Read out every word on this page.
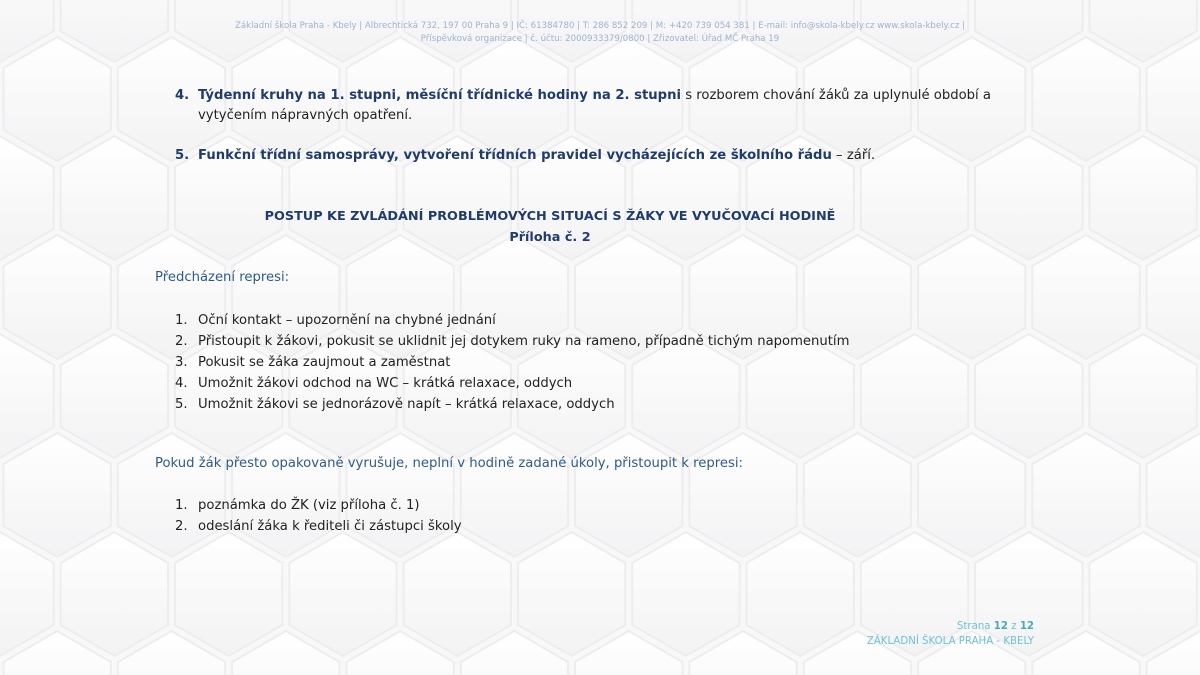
Základní škola Praha - Kbely | Albrechtická 732, 197 00 Praha 9 | IČ: 61384780 | T: 286 852 209 | M: +420 739 054 381 | E-mail: info@skola-kbely.cz www.skola-kbely.cz |
Příspěvková organizace | č. účtu: 2000933379/0800 | Zřizovatel: Úřad MČ Praha 19
4. Týdenní kruhy na 1. stupni, měsíční třídnické hodiny na 2. stupni s rozborem chování žáků za uplynulé období a vytyčením nápravných opatření.
5. Funkční třídní samosprávy, vytvoření třídních pravidel vycházejících ze školního řádu – září.
POSTUP KE ZVLÁDÁNÍ PROBLÉMOVÝCH SITUACÍ S ŽÁKY VE VYUČOVACÍ HODINĚ
Příloha č. 2
Předcházení represi:
1. Oční kontakt – upozornění na chybné jednání
2. Přistoupit k žákovi, pokusit se uklidnit jej dotykem ruky na rameno, případně tichým napomenutím
3. Pokusit se žáka zaujmout a zaměstnat
4. Umožnit žákovi odchod na WC – krátká relaxace, oddych
5. Umožnit žákovi se jednorázově napít – krátká relaxace, oddych
Pokud žák přesto opakovaně vyrušuje, neplní v hodině zadané úkoly, přistoupit k represi:
1. poznámka do ŽK (viz příloha č. 1)
2. odeslání žáka k řediteli či zástupci školy
Strana 12 z 12
ZÁKLADNÍ ŠKOLA PRAHA - KBELY
